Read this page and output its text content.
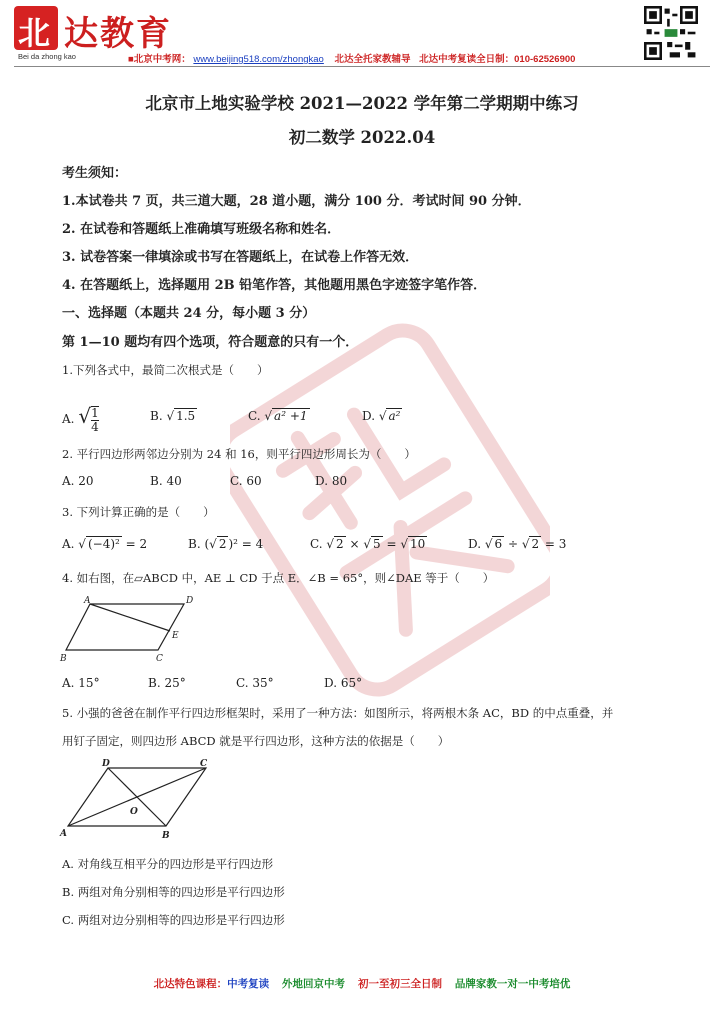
北 达教育
Bei da zhong kao	■北京中考网： www.beijing518.com/zhongkao 北达全托家教辅导 北达中考复读全日制：010-62526900
北京市上地实验学校 2021—2022 学年第二学期期中练习
初二数学 2022.04
考生须知：
1.本试卷共 7 页，共三道大题，28 道小题，满分 100 分．考试时间 90 分钟．
2. 在试卷和答题纸上准确填写班级名称和姓名．
3. 试卷答案一律填涂或书写在答题纸上，在试卷上作答无效．
4. 在答题纸上，选择题用 2B 铅笔作答，其他题用黑色字迹签字笔作答．
一、选择题（本题共 24 分，每小题 3 分）
第 1—10 题均有四个选项，符合题意的只有一个．
1.下列各式中，最简二次根式是（　　）
A. √ $\frac{1}{4}$	B. √ 1.5	C. √ a² +1	D. √ a²
2. 平行四边形两邻边分别为 24 和 16，则平行四边形周长为（　　）
A. 20	B. 40	C. 60	D. 80
3. 下列计算正确的是（　　）
A. √ (−4)² = 2	B. (√ 2 )² = 4	C. √ 2 × √ 5 = √ 10	D. √ 6 ÷ √ 2 = 3
4. 如右图，在▱ABCD 中，AE ⊥ CD 于点 E．∠B = 65°，则∠DAE 等于（　　）
A	D
E
B	C
A. 15°	B. 25°	C. 35°	D. 65°
5. 小强的爸爸在制作平行四边形框架时，采用了一种方法：如图所示，将两根木条 AC，BD 的中点重叠，并
用钉子固定，则四边形 ABCD 就是平行四边形，这种方法的依据是（　　）
D	C
O
A	B
A. 对角线互相平分的四边形是平行四边形
B. 两组对角分别相等的四边形是平行四边形
C. 两组对边分别相等的四边形是平行四边形
北达特色课程：中考复读 外地回京中考 初一至初三全日制 品牌家教一对一中考培优
